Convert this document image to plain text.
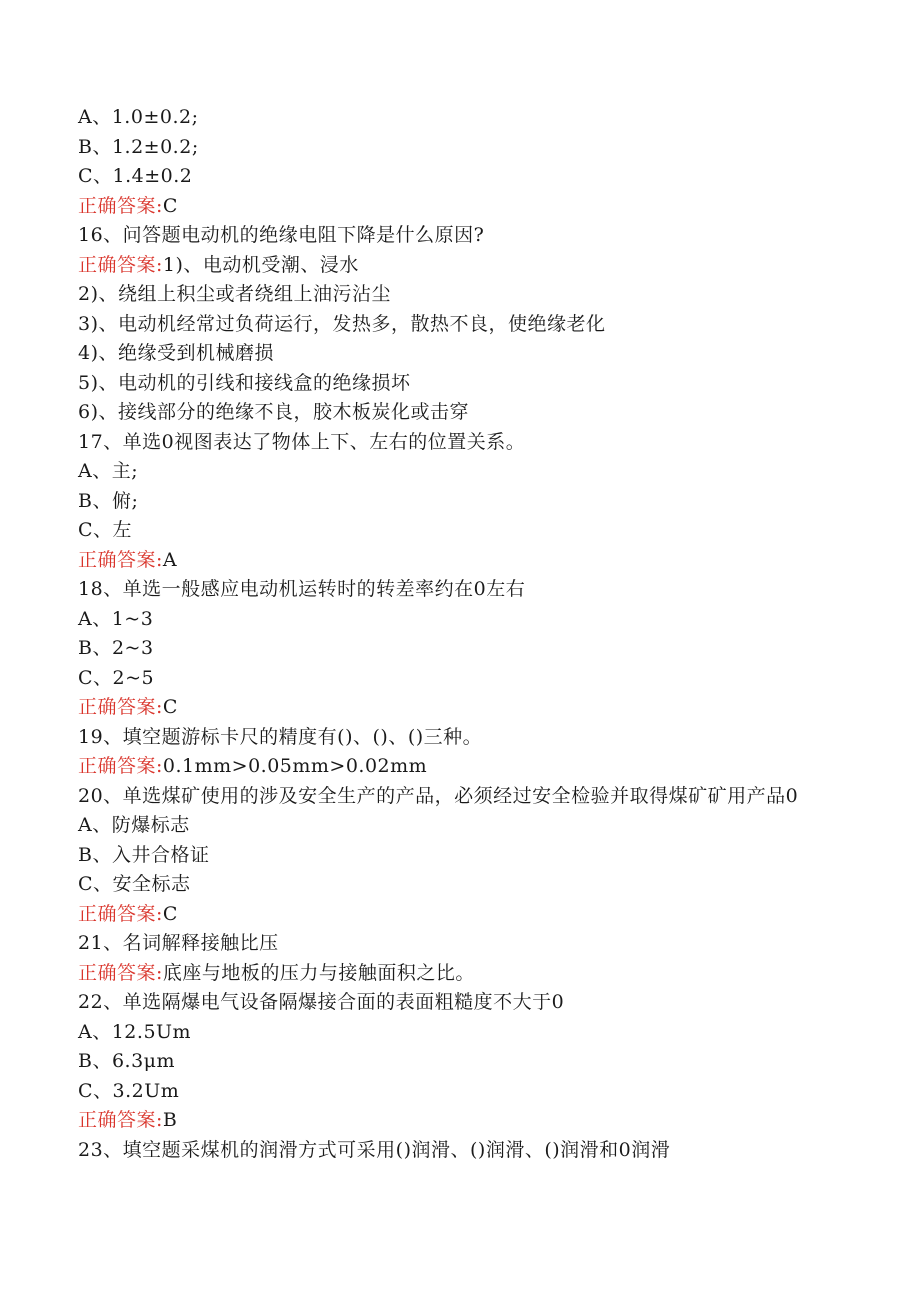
A、1.0±0.2;
B、1.2±0.2;
C、1.4±0.2
正确答案:C
16、问答题电动机的绝缘电阻下降是什么原因?
正确答案:1)、电动机受潮、浸水
2)、绕组上积尘或者绕组上油污沾尘
3)、电动机经常过负荷运行，发热多，散热不良，使绝缘老化
4)、绝缘受到机械磨损
5)、电动机的引线和接线盒的绝缘损坏
6)、接线部分的绝缘不良，胶木板炭化或击穿
17、单选0视图表达了物体上下、左右的位置关系。
A、主;
B、俯;
C、左
正确答案:A
18、单选一般感应电动机运转时的转差率约在0左右
A、1~3
B、2~3
C、2~5
正确答案:C
19、填空题游标卡尺的精度有()、()、()三种。
正确答案:0.1mm>0.05mm>0.02mm
20、单选煤矿使用的涉及安全生产的产品，必须经过安全检验并取得煤矿矿用产品0
A、防爆标志
B、入井合格证
C、安全标志
正确答案:C
21、名词解释接触比压
正确答案:底座与地板的压力与接触面积之比。
22、单选隔爆电气设备隔爆接合面的表面粗糙度不大于0
A、12.5Um
B、6.3μm
C、3.2Um
正确答案:B
23、填空题采煤机的润滑方式可采用()润滑、()润滑、()润滑和0润滑
